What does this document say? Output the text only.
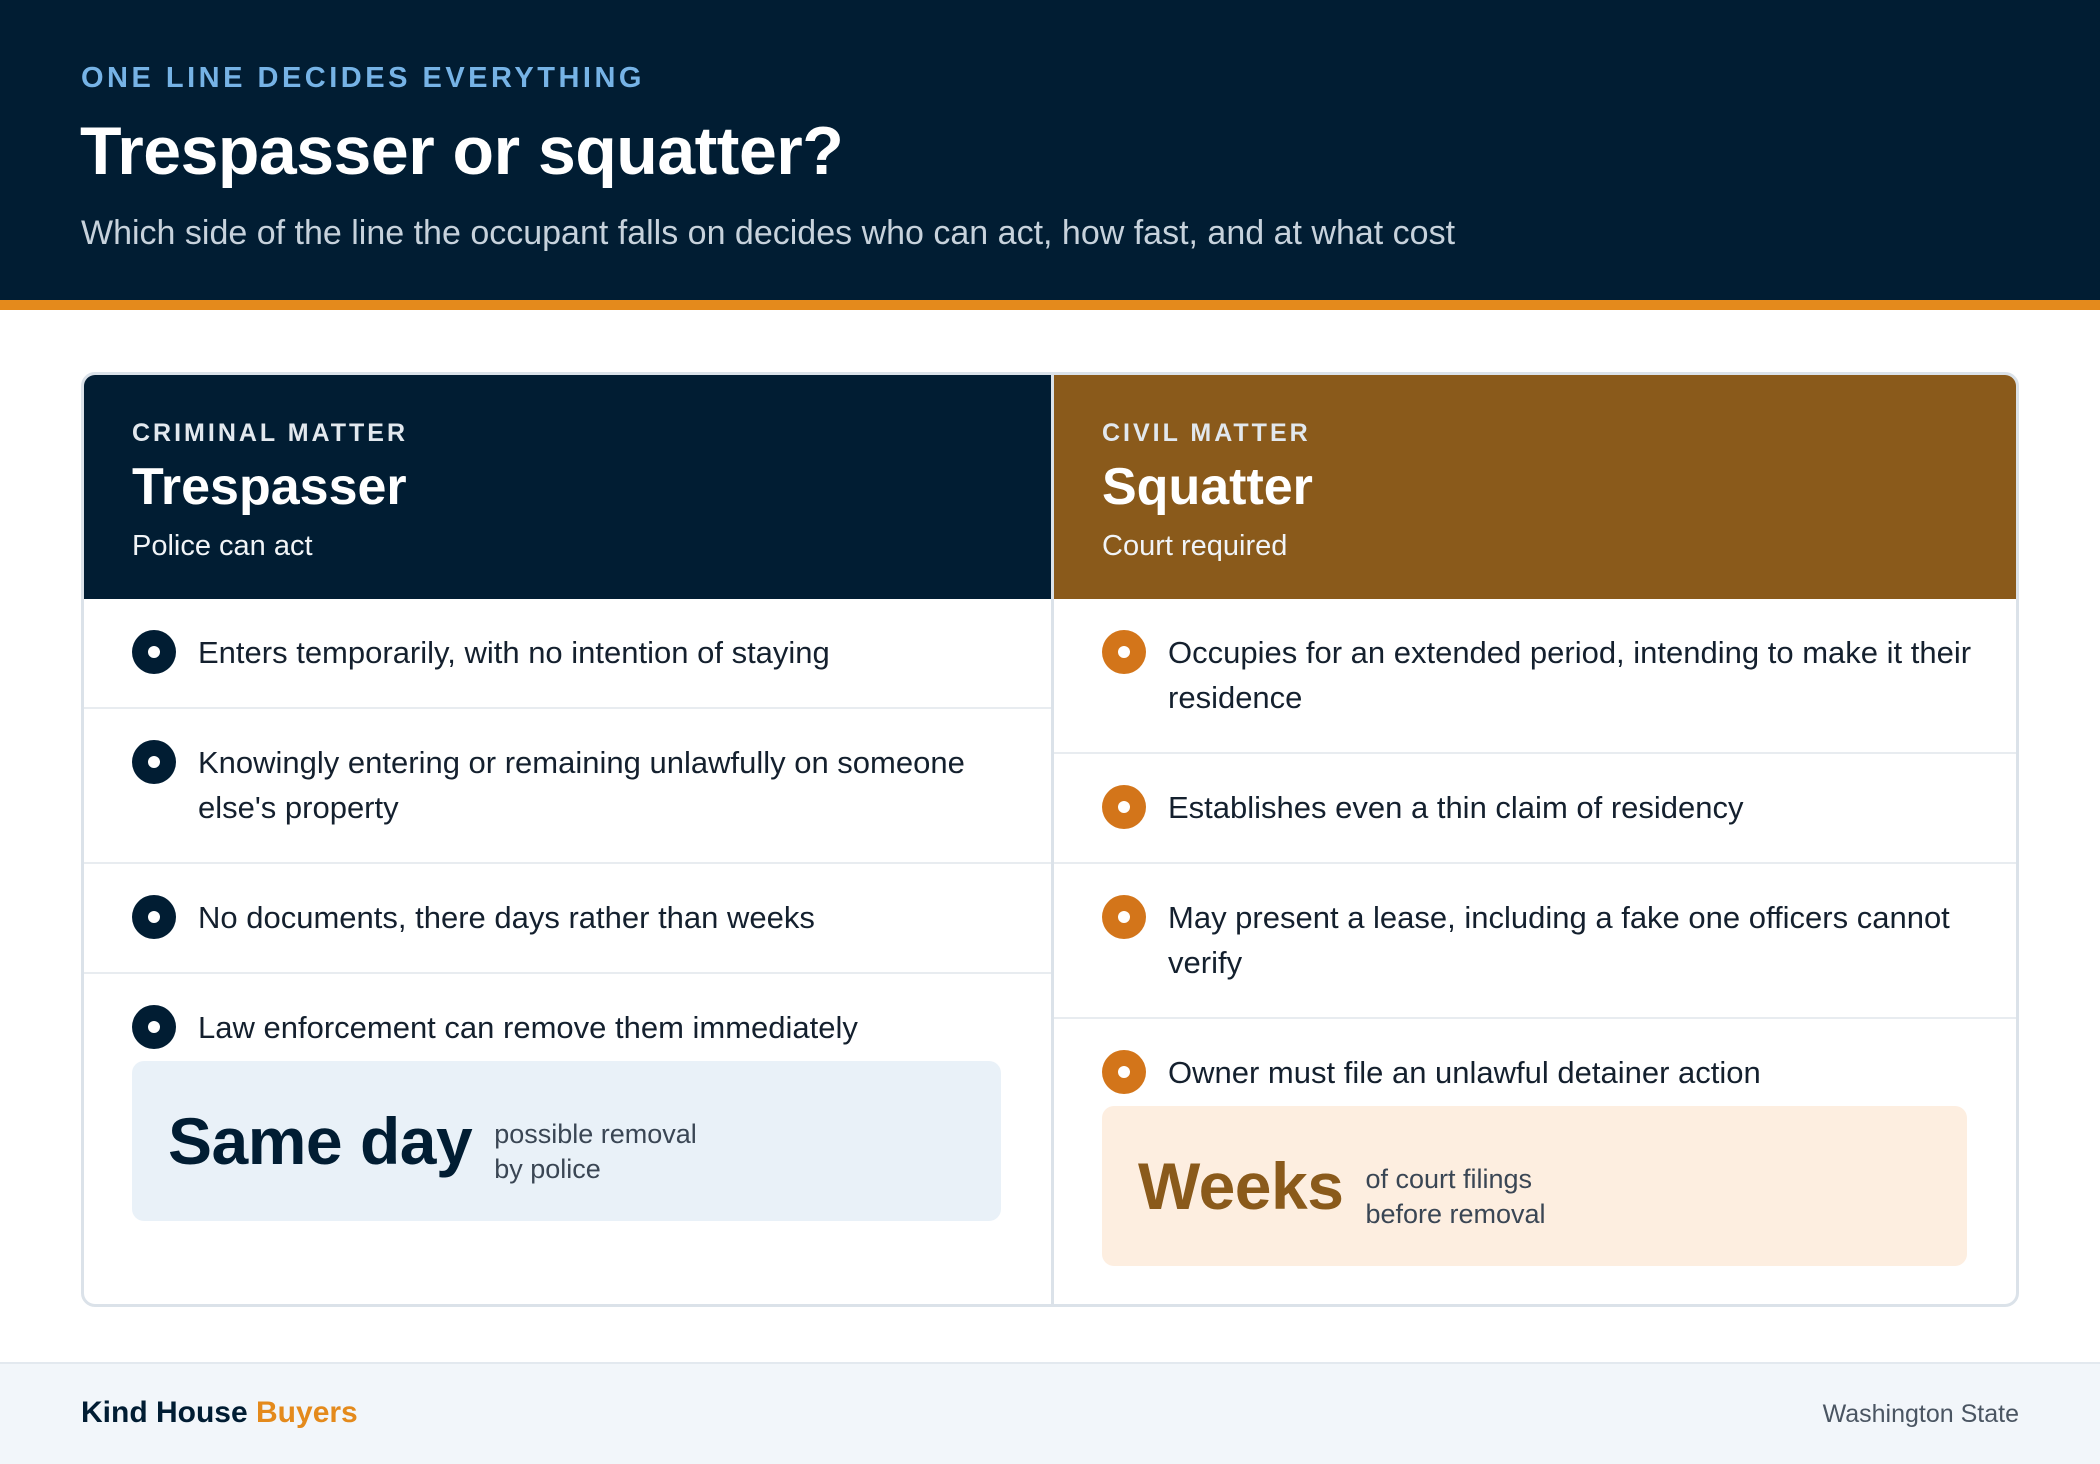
ONE LINE DECIDES EVERYTHING
Trespasser or squatter?
Which side of the line the occupant falls on decides who can act, how fast, and at what cost
CRIMINAL MATTER
Trespasser
Police can act
Enters temporarily, with no intention of staying
Knowingly entering or remaining unlawfully on someone else's property
No documents, there days rather than weeks
Law enforcement can remove them immediately
Same day possible removal
by police
CIVIL MATTER
Squatter
Court required
Occupies for an extended period, intending to make it their residence
Establishes even a thin claim of residency
May present a lease, including a fake one officers cannot verify
Owner must file an unlawful detainer action
Weeks of court filings
before removal
Kind House Buyers	Washington State
